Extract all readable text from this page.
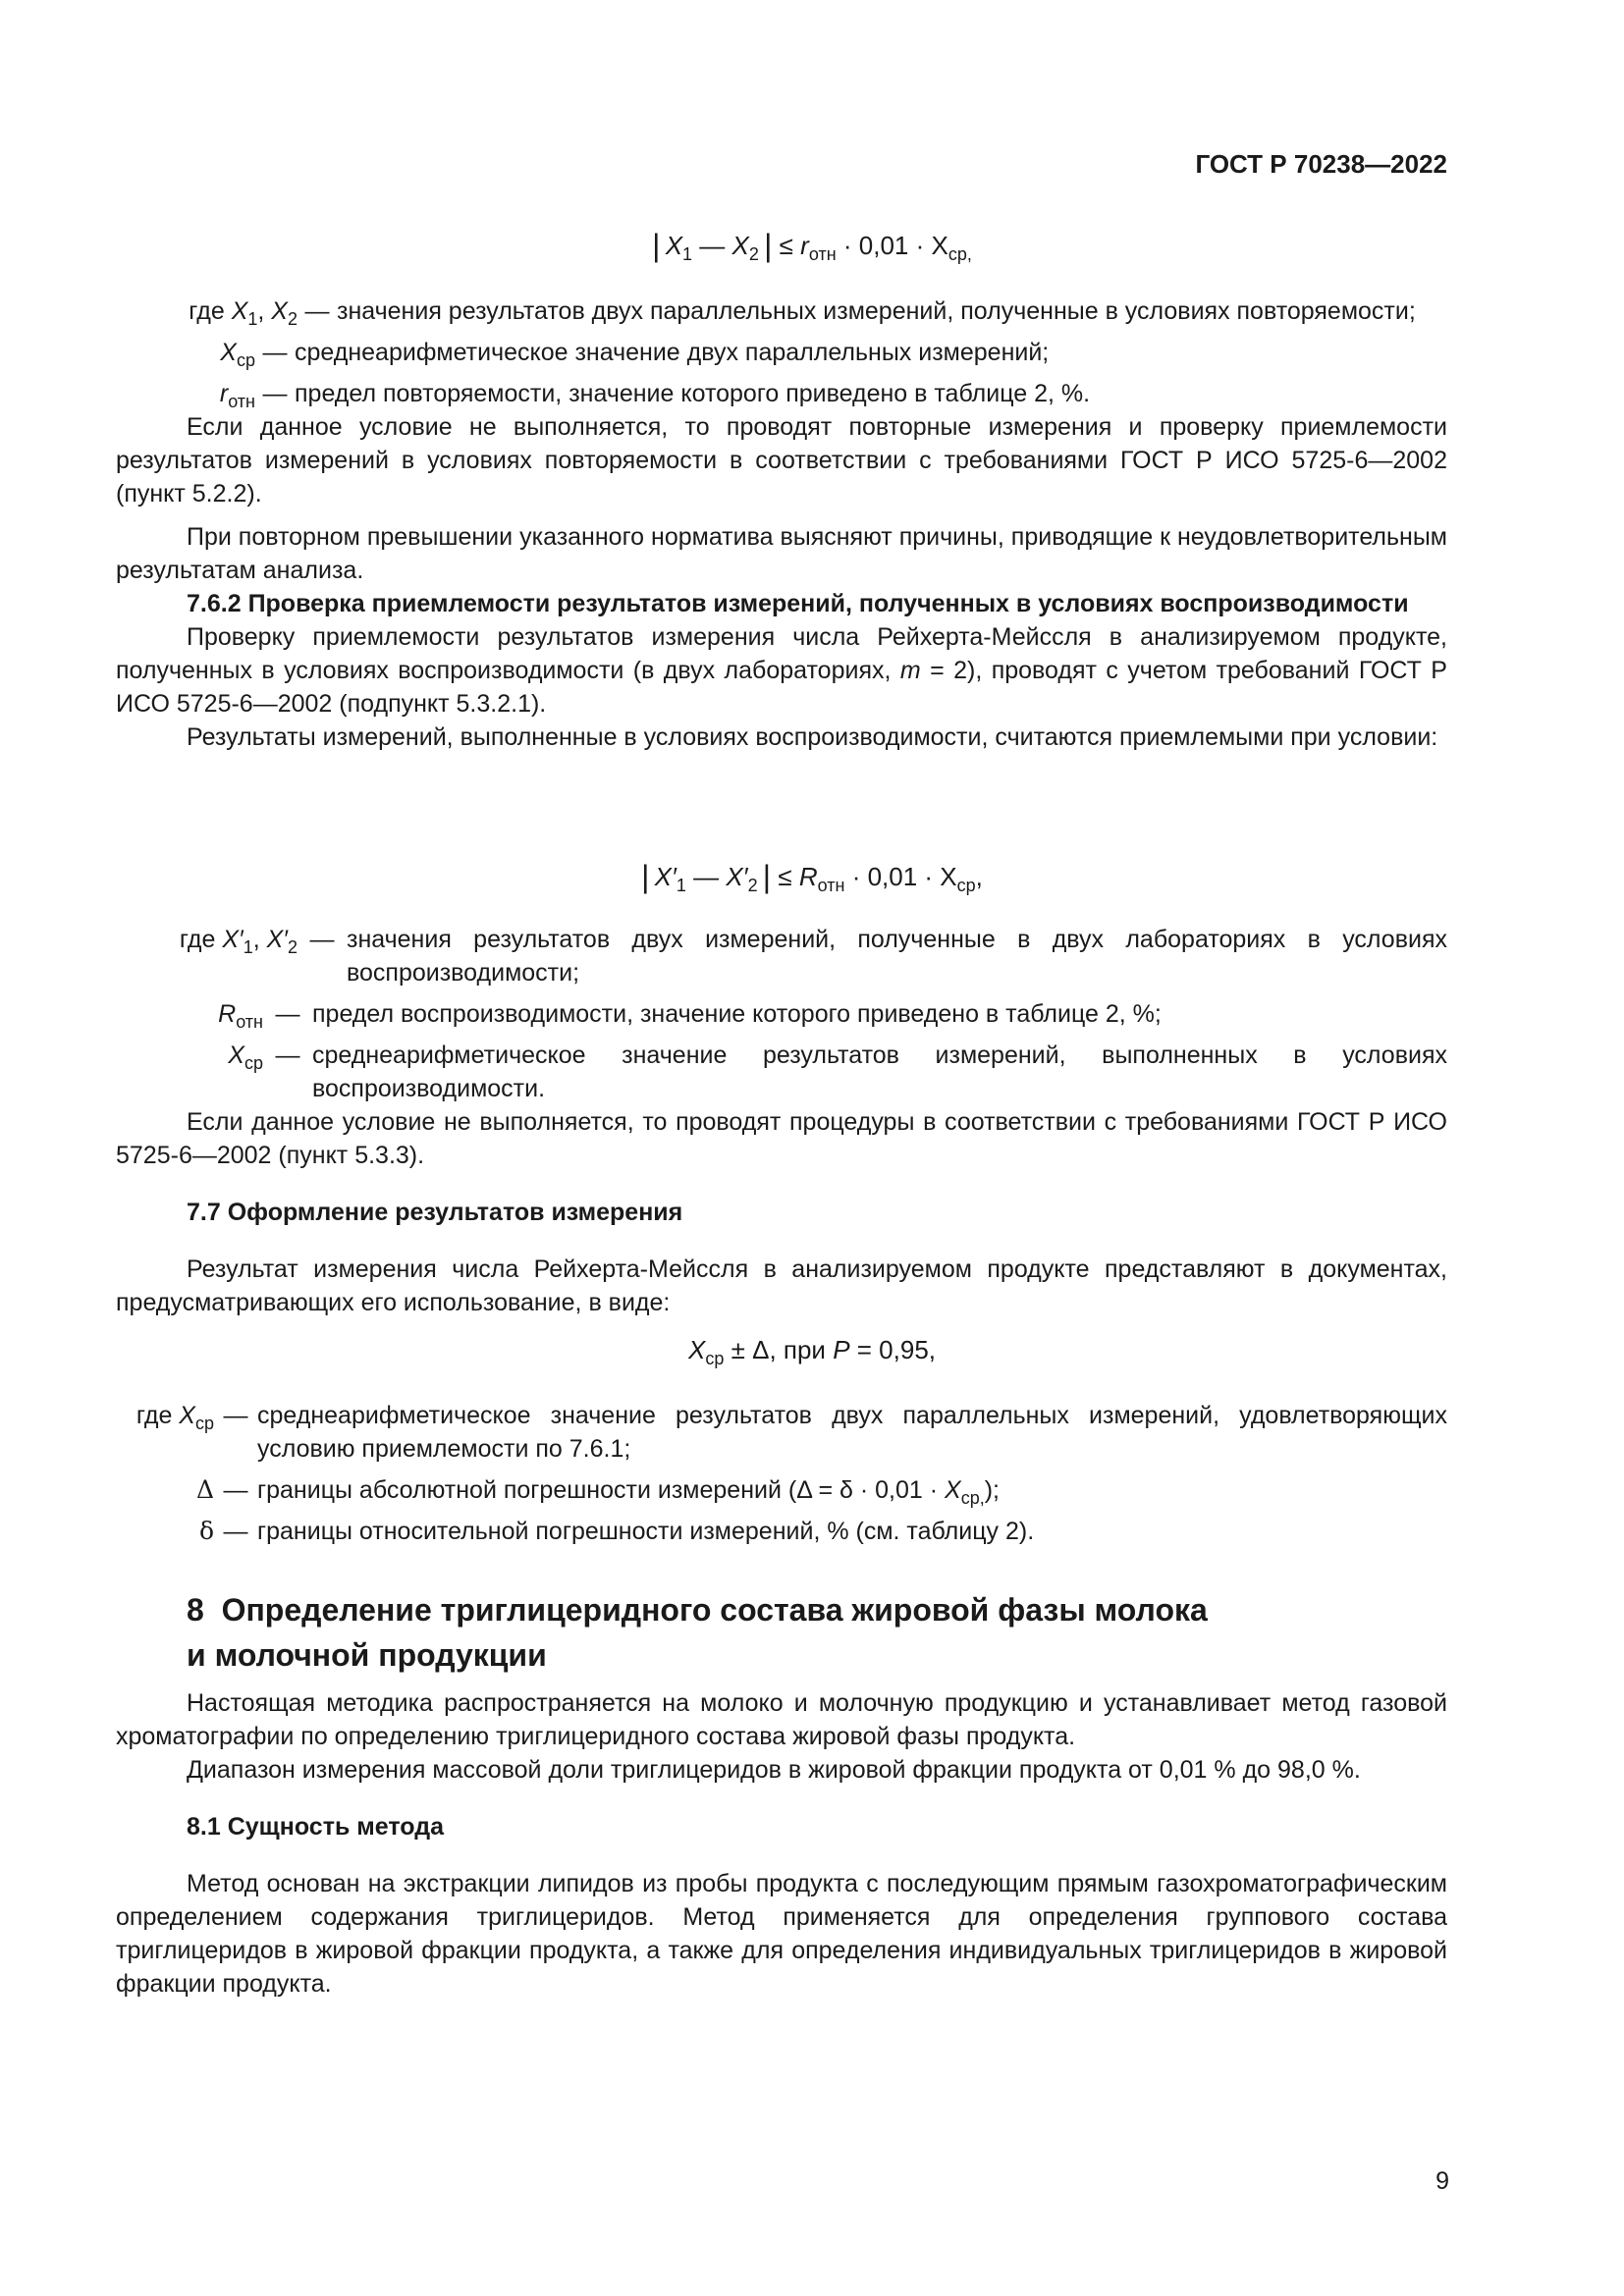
ГОСТ Р 70238—2022
|  $X_1$ — $X_2$  | ≤ $r_{отн} \cdot 0,01 \cdot X_{ср,}$
где $X_1$, $X_2$ — значения результатов двух параллельных измерений, полученные в условиях повторяемости;
$X_{ср}$ — среднеарифметическое значение двух параллельных измерений;
$r_{отн}$ — предел повторяемости, значение которого приведено в таблице 2, %.

Если данное условие не выполняется, то проводят повторные измерения и проверку приемлемости результатов измерений в условиях повторяемости в соответствии с требованиями ГОСТ Р ИСО 5725-6—2002 (пункт 5.2.2).

При повторном превышении указанного норматива выясняют причины, приводящие к неудовлетворительным результатам анализа.

7.6.2 Проверка приемлемости результатов измерений, полученных в условиях воспроизводимости

Проверку приемлемости результатов измерения числа Рейхерта-Мейссля в анализируемом продукте, полученных в условиях воспроизводимости (в двух лабораториях, m = 2), проводят с учетом требований ГОСТ Р ИСО 5725-6—2002 (подпункт 5.3.2.1).

Результаты измерений, выполненные в условиях воспроизводимости, считаются приемлемыми при условии:

|  $X'_1$ — $X'_2$  | ≤ $R_{отн} \cdot 0,01 \cdot X_{ср}$,
где $X'_1$, $X'_2$ — значения результатов двух измерений, полученные в двух лабораториях в условиях воспроизводимости;
$R_{отн}$ — предел воспроизводимости, значение которого приведено в таблице 2, %;
$X_{ср}$ — среднеарифметическое значение результатов измерений, выполненных в условиях воспроизводимости.

Если данное условие не выполняется, то проводят процедуры в соответствии с требованиями ГОСТ Р ИСО 5725-6—2002 (пункт 5.3.3).

7.7 Оформление результатов измерения

Результат измерения числа Рейхерта-Мейссля в анализируемом продукте представляют в документах, предусматривающих его использование, в виде:

$X_{ср} \pm \Delta$, при P = 0,95,
где $X_{ср}$ — среднеарифметическое значение результатов двух параллельных измерений, удовлетворяющих условию приемлемости по 7.6.1;
Δ — границы абсолютной погрешности измерений $(\Delta = \delta \cdot 0,01 \cdot X_{ср,})$;
δ — границы относительной погрешности измерений, % (см. таблицу 2).
8 Определение триглицеридного состава жировой фазы молока
и молочной продукции

Настоящая методика распространяется на молоко и молочную продукцию и устанавливает метод газовой хроматографии по определению триглицеридного состава жировой фазы продукта.

Диапазон измерения массовой доли триглицеридов в жировой фракции продукта от 0,01 % до 98,0 %.

8.1 Сущность метода

Метод основан на экстракции липидов из пробы продукта с последующим прямым газохроматографическим определением содержания триглицеридов. Метод применяется для определения группового состава триглицеридов в жировой фракции продукта, а также для определения индивидуальных триглицеридов в жировой фракции продукта.

9
